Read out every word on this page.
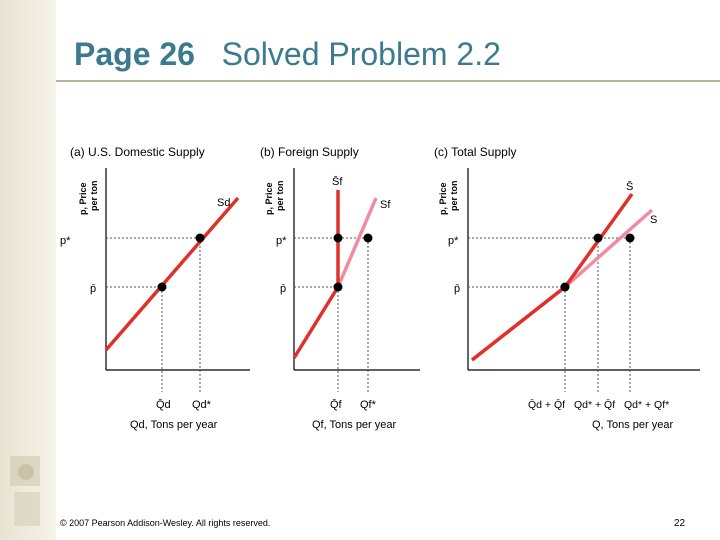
Page 26 Solved Problem 2.2
(a) U.S. Domestic Supply
p, Price per ton
p*
p̄
Sd
Q̄d Qd*
Qd, Tons per year
(b) Foreign Supply
p, Price per ton
p*
p̄
S̄f
Sf
Q̄f Qf*
Qf, Tons per year
(c) Total Supply
p, Price per ton
p*
p̄
S̄
S
Q̄d + Q̄f Qd* + Q̄f Qd* + Qf*
Q, Tons per year
© 2007 Pearson Addison-Wesley. All rights reserved.	22
